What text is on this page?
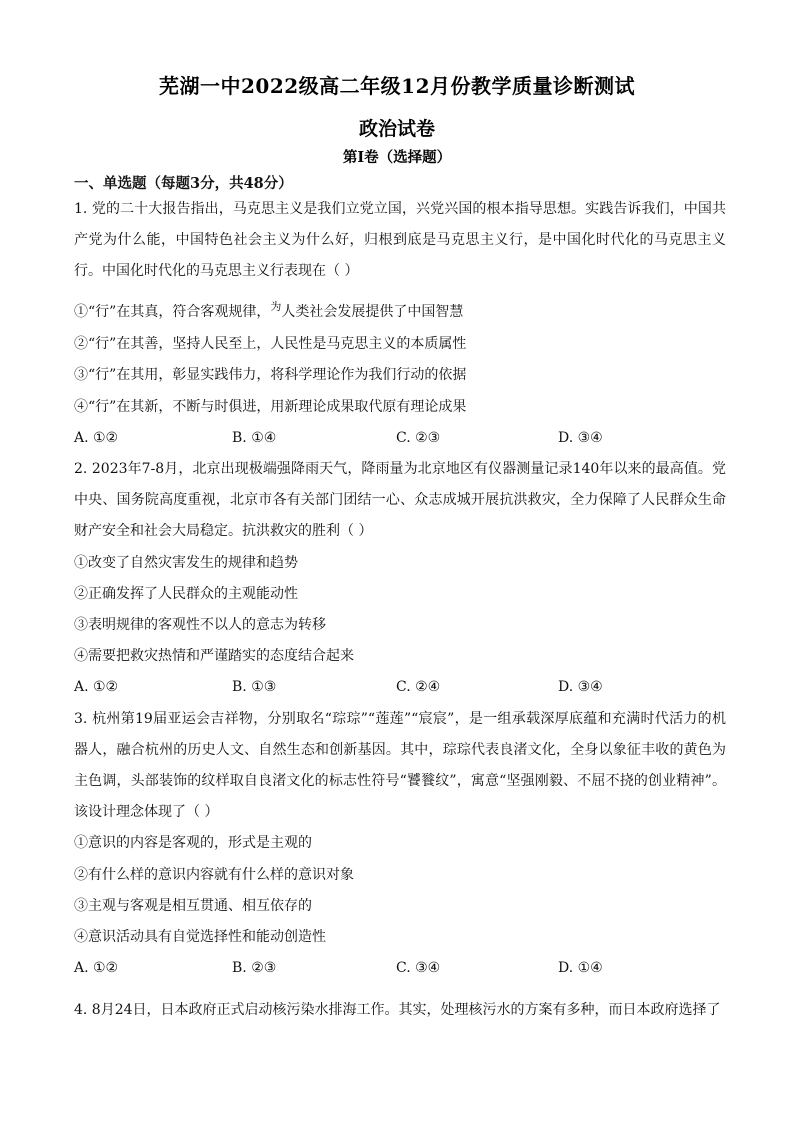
芜湖一中2022级高二年级12月份教学质量诊断测试
政治试卷
第Ⅰ卷（选择题）
一、单选题（每题3分，共48分）
1. 党的二十大报告指出，马克思主义是我们立党立国，兴党兴国的根本指导思想。实践告诉我们，中国共产党为什么能，中国特色社会主义为什么好，归根到底是马克思主义行，是中国化时代化的马克思主义行。中国化时代化的马克思主义行表现在（ ）
①“行”在其真，符合客观规律，$^为$人类社会发展提供了中国智慧
②“行”在其善，坚持人民至上，人民性是马克思主义的本质属性
③“行”在其用，彰显实践伟力，将科学理论作为我们行动的依据
④“行”在其新，不断与时俱进，用新理论成果取代原有理论成果
A. ①②	B. ①④	C. ②③	D. ③④
2. 2023年7-8月，北京出现极端强降雨天气，降雨量为北京地区有仪器测量记录140年以来的最高值。党中央、国务院高度重视，北京市各有关部门团结一心、众志成城开展抗洪救灾，全力保障了人民群众生命财产安全和社会大局稳定。抗洪救灾的胜利（ ）
①改变了自然灾害发生的规律和趋势
②正确发挥了人民群众的主观能动性
③表明规律的客观性不以人的意志为转移
④需要把救灾热情和严谨踏实的态度结合起来
A. ①②	B. ①③	C. ②④	D. ③④
3. 杭州第19届亚运会吉祥物，分别取名“琮琮”“莲莲”“宸宸”，是一组承载深厚底蕴和充满时代活力的机器人，融合杭州的历史人文、自然生态和创新基因。其中，琮琮代表良渚文化，全身以象征丰收的黄色为主色调，头部装饰的纹样取自良渚文化的标志性符号“饕餮纹”，寓意“坚强刚毅、不屈不挠的创业精神”。该设计理念体现了（ ）
①意识的内容是客观的，形式是主观的
②有什么样的意识内容就有什么样的意识对象
③主观与客观是相互贯通、相互依存的
④意识活动具有自觉选择性和能动创造性
A. ①②	B. ②③	C. ③④	D. ①④
4. 8月24日，日本政府正式启动核污染水排海工作。其实，处理核污水的方案有多种，而日本政府选择了
